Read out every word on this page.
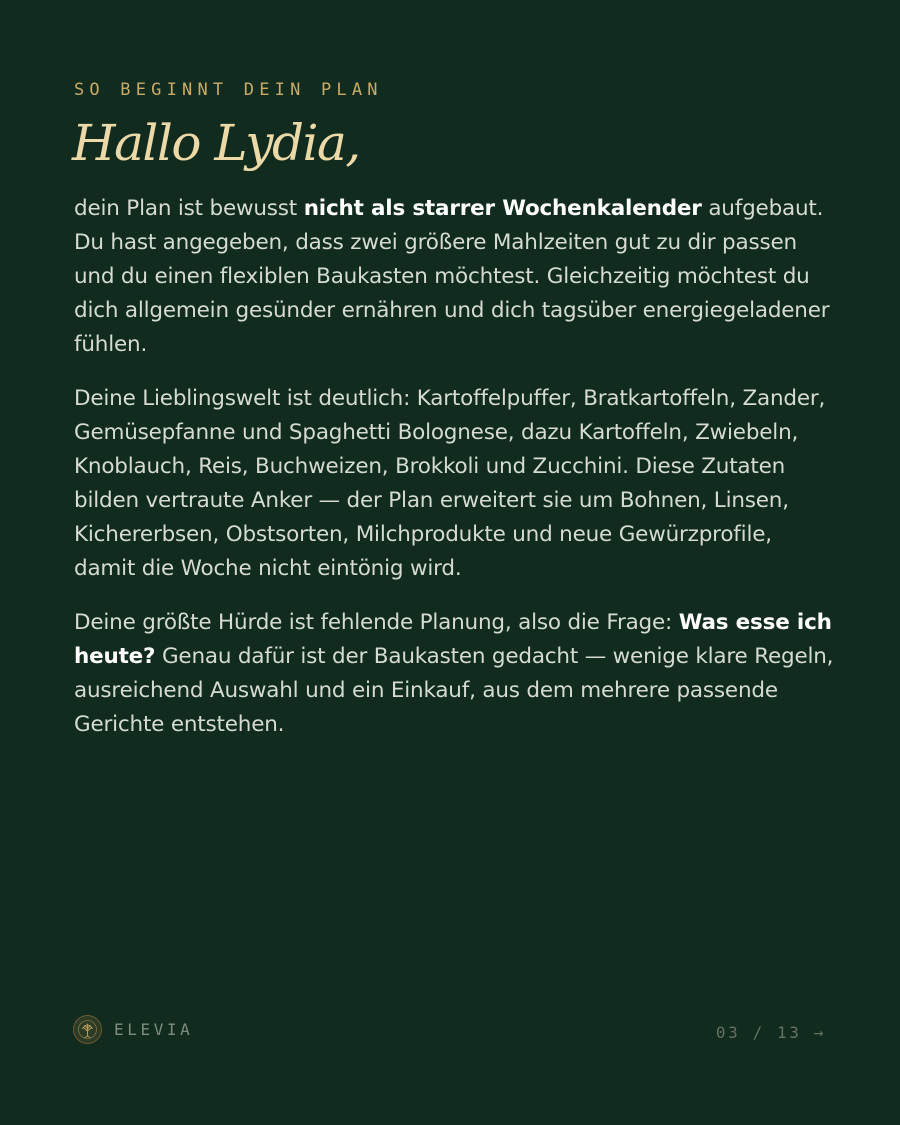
SO BEGINNT DEIN PLAN
Hallo Lydia,

dein Plan ist bewusst nicht als starrer Wochenkalender aufgebaut. Du hast angegeben, dass zwei größere Mahlzeiten gut zu dir passen und du einen flexiblen Baukasten möchtest. Gleichzeitig möchtest du dich allgemein gesünder ernähren und dich tagsüber energiegeladener fühlen.

Deine Lieblingswelt ist deutlich: Kartoffelpuffer, Bratkartoffeln, Zander, Gemüsepfanne und Spaghetti Bolognese, dazu Kartoffeln, Zwiebeln, Knoblauch, Reis, Buchweizen, Brokkoli und Zucchini. Diese Zutaten bilden vertraute Anker — der Plan erweitert sie um Bohnen, Linsen, Kichererbsen, Obstsorten, Milchprodukte und neue Gewürzprofile, damit die Woche nicht eintönig wird.

Deine größte Hürde ist fehlende Planung, also die Frage: Was esse ich heute? Genau dafür ist der Baukasten gedacht — wenige klare Regeln, ausreichend Auswahl und ein Einkauf, aus dem mehrere passende Gerichte entstehen.

ELEVIA	03 / 13 →
